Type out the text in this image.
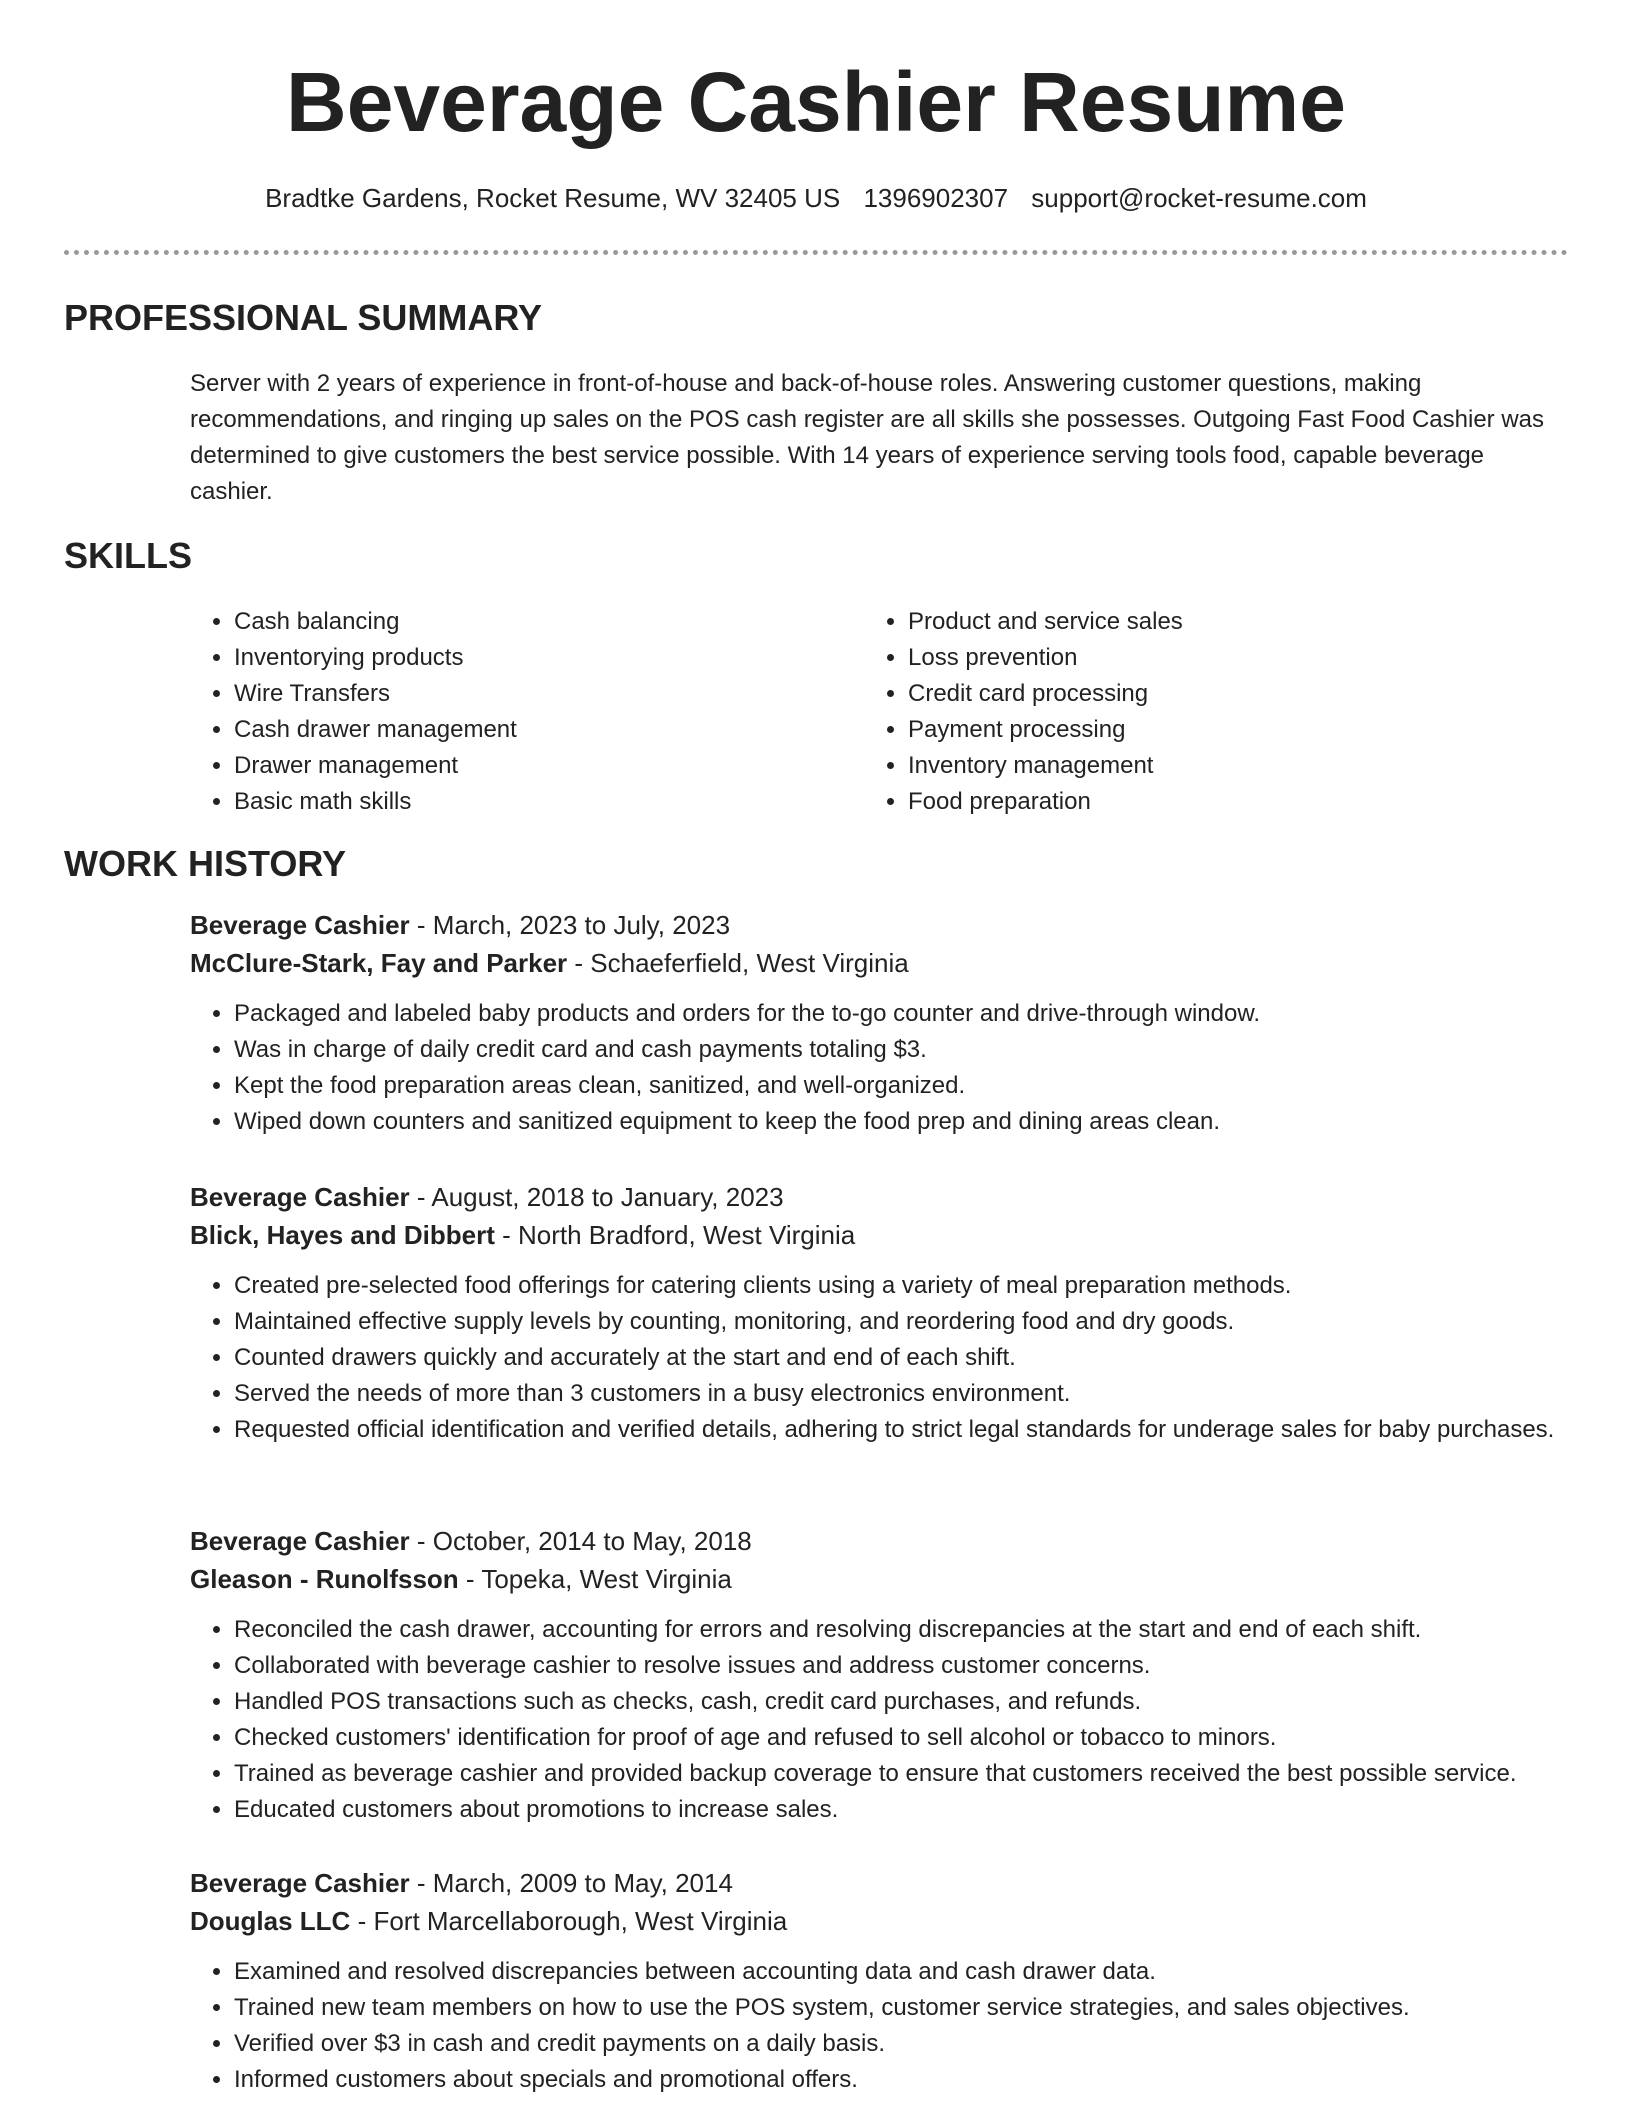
Beverage Cashier Resume
Bradtke Gardens, Rocket Resume, WV 32405 US 1396902307 support@rocket-resume.com
PROFESSIONAL SUMMARY

Server with 2 years of experience in front-of-house and back-of-house roles. Answering customer questions, making recommendations, and ringing up sales on the POS cash register are all skills she possesses. Outgoing Fast Food Cashier was determined to give customers the best service possible. With 14 years of experience serving tools food, capable beverage cashier.

SKILLS
• Cash balancing
• Inventorying products
• Wire Transfers
• Cash drawer management
• Drawer management
• Basic math skills
• Product and service sales
• Loss prevention
• Credit card processing
• Payment processing
• Inventory management
• Food preparation
WORK HISTORY

Beverage Cashier - March, 2023 to July, 2023

McClure-Stark, Fay and Parker - Schaeferfield, West Virginia

• Packaged and labeled baby products and orders for the to-go counter and drive-through window.
• Was in charge of daily credit card and cash payments totaling $3.
• Kept the food preparation areas clean, sanitized, and well-organized.
• Wiped down counters and sanitized equipment to keep the food prep and dining areas clean.

Beverage Cashier - August, 2018 to January, 2023

Blick, Hayes and Dibbert - North Bradford, West Virginia

• Created pre-selected food offerings for catering clients using a variety of meal preparation methods.
• Maintained effective supply levels by counting, monitoring, and reordering food and dry goods.
• Counted drawers quickly and accurately at the start and end of each shift.
• Served the needs of more than 3 customers in a busy electronics environment.
• Requested official identification and verified details, adhering to strict legal standards for underage sales for baby purchases.

Beverage Cashier - October, 2014 to May, 2018

Gleason - Runolfsson - Topeka, West Virginia

• Reconciled the cash drawer, accounting for errors and resolving discrepancies at the start and end of each shift.
• Collaborated with beverage cashier to resolve issues and address customer concerns.
• Handled POS transactions such as checks, cash, credit card purchases, and refunds.
• Checked customers' identification for proof of age and refused to sell alcohol or tobacco to minors.
• Trained as beverage cashier and provided backup coverage to ensure that customers received the best possible service.
• Educated customers about promotions to increase sales.

Beverage Cashier - March, 2009 to May, 2014

Douglas LLC - Fort Marcellaborough, West Virginia

• Examined and resolved discrepancies between accounting data and cash drawer data.
• Trained new team members on how to use the POS system, customer service strategies, and sales objectives.
• Verified over $3 in cash and credit payments on a daily basis.
• Informed customers about specials and promotional offers.
